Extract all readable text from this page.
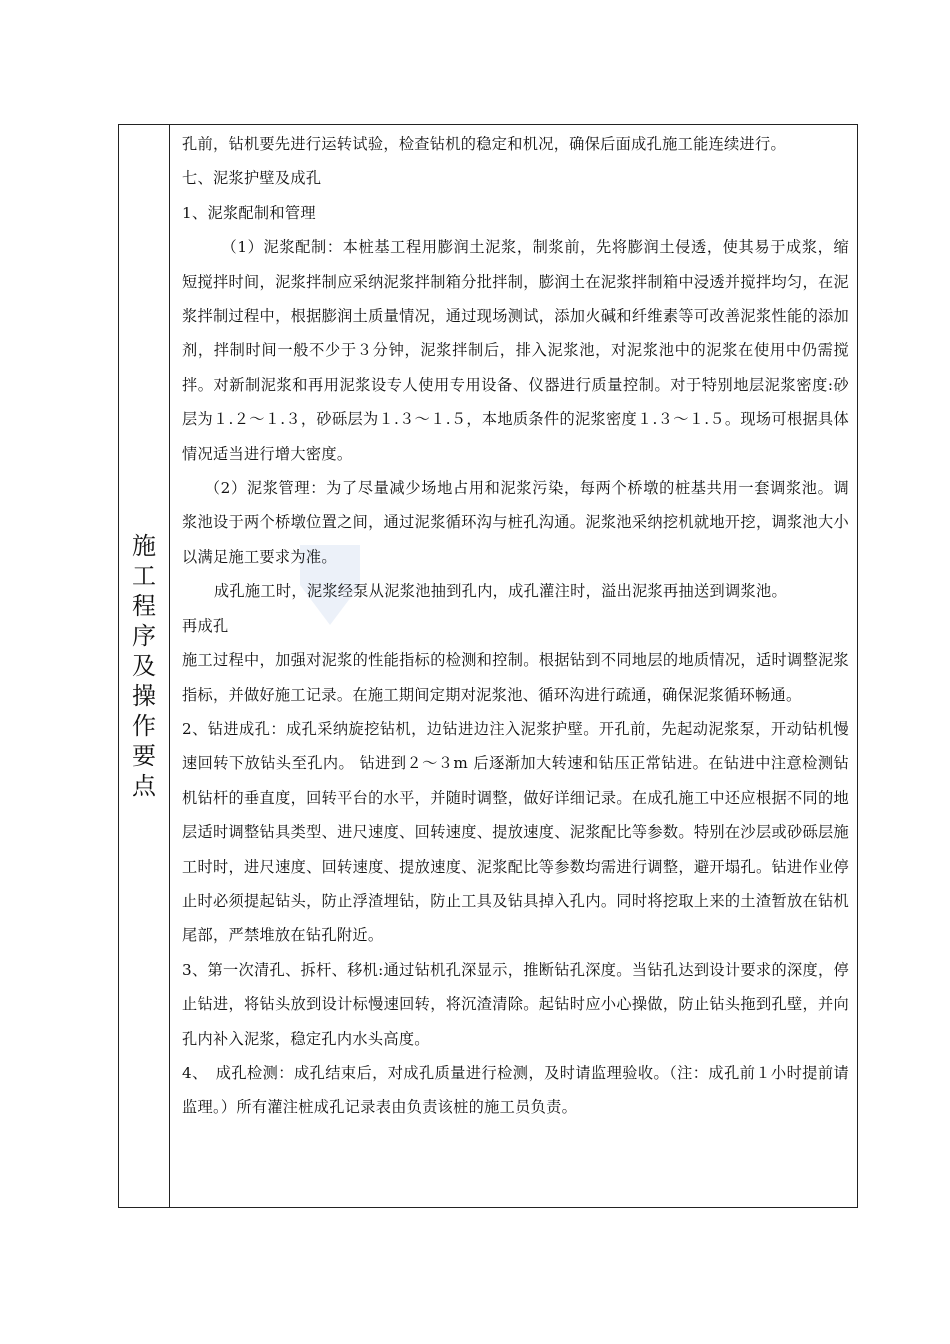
施工程序及操作要点	

孔前，钻机要先进行运转试验，检查钻机的稳定和机况，确保后面成孔施工能连续进行。

七、泥浆护壁及成孔

1、泥浆配制和管理

（1）泥浆配制：本桩基工程用膨润土泥浆，制浆前，先将膨润土侵透，使其易于成浆，缩短搅拌时间，泥浆拌制应采纳泥浆拌制箱分批拌制，膨润土在泥浆拌制箱中浸透并搅拌均匀，在泥浆拌制过程中，根据膨润土质量情况，通过现场测试，添加火碱和纤维素等可改善泥浆性能的添加剂，拌制时间一般不少于３分钟，泥浆拌制后，排入泥浆池，对泥浆池中的泥浆在使用中仍需搅拌。对新制泥浆和再用泥浆设专人使用专用设备、仪器进行质量控制。对于特别地层泥浆密度:砂层为１.２～１.３，砂砾层为１.３～１.５，本地质条件的泥浆密度１.３～１.５。现场可根据具体情况适当进行增大密度。

（2）泥浆管理：为了尽量减少场地占用和泥浆污染，每两个桥墩的桩基共用一套调浆池。调浆池设于两个桥墩位置之间，通过泥浆循环沟与桩孔沟通。泥浆池采纳挖机就地开挖，调浆池大小以满足施工要求为准。

成孔施工时，泥浆经泵从泥浆池抽到孔内，成孔灌注时，溢出泥浆再抽送到调浆池。

再成孔

施工过程中，加强对泥浆的性能指标的检测和控制。根据钻到不同地层的地质情况，适时调整泥浆指标，并做好施工记录。在施工期间定期对泥浆池、循环沟进行疏通，确保泥浆循环畅通。

2、钻进成孔：成孔采纳旋挖钻机，边钻进边注入泥浆护壁。开孔前，先起动泥浆泵，开动钻机慢速回转下放钻头至孔内。 钻进到２～３m 后逐渐加大转速和钻压正常钻进。在钻进中注意检测钻机钻杆的垂直度，回转平台的水平，并随时调整，做好详细记录。在成孔施工中还应根据不同的地层适时调整钻具类型、进尺速度、回转速度、提放速度、泥浆配比等参数。特别在沙层或砂砾层施工时时，进尺速度、回转速度、提放速度、泥浆配比等参数均需进行调整，避开塌孔。钻进作业停止时必须提起钻头，防止浮渣埋钻，防止工具及钻具掉入孔内。同时将挖取上来的土渣暂放在钻机尾部，严禁堆放在钻孔附近。

3、第一次清孔、拆杆、移机:通过钻机孔深显示，推断钻孔深度。当钻孔达到设计要求的深度，停止钻进，将钻头放到设计标慢速回转，将沉渣清除。起钻时应小心操做，防止钻头拖到孔壁，并向孔内补入泥浆，稳定孔内水头高度。

4、　成孔检测：成孔结束后，对成孔质量进行检测，及时请监理验收。（注：成孔前１小时提前请监理。）所有灌注桩成孔记录表由负责该桩的施工员负责。
